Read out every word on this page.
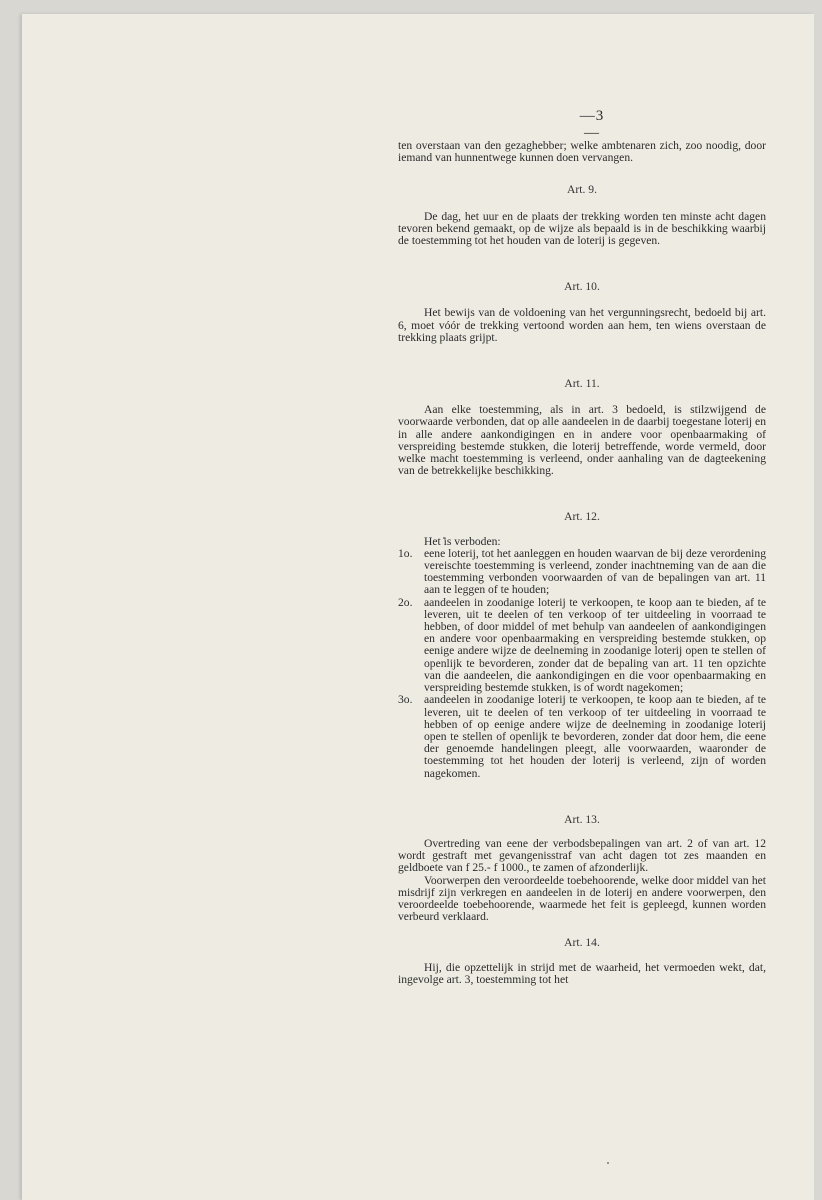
—3—

ten overstaan van den gezaghebber; welke ambtenaren zich, zoo noodig, door iemand van hunnentwege kunnen doen vervangen.

Art. 9.

De dag, het uur en de plaats der trekking worden ten minste acht dagen tevoren bekend gemaakt, op de wijze als bepaald is in de beschikking waarbij de toestemming tot het houden van de loterij is gegeven.

Art. 10.

Het bewijs van de voldoening van het vergunningsrecht, bedoeld bij art. 6, moet vóór de trekking vertoond worden aan hem, ten wiens overstaan de trekking plaats grijpt.

Art. 11.

Aan elke toestemming, als in art. 3 bedoeld, is stilzwijgend de voorwaarde verbonden, dat op alle aandeelen in de daarbij toegestane loterij en in alle andere aankondigingen en in andere voor openbaarmaking of verspreiding bestemde stukken, die loterij betreffende, worde vermeld, door welke macht toestemming is verleend, onder aanhaling van de dagteekening van de betrekkelijke beschikking.

Art. 12.

Het is verboden:

1o. eene loterij, tot het aanleggen en houden waarvan de bij deze verordening vereischte toestemming is verleend, zonder inachtneming van de aan die toestemming verbonden voorwaarden of van de bepalingen van art. 11 aan te leggen of te houden;
2o. aandeelen in zoodanige loterij te verkoopen, te koop aan te bieden, af te leveren, uit te deelen of ten verkoop of ter uitdeeling in voorraad te hebben, of door middel of met behulp van aandeelen of aankondigingen en andere voor openbaarmaking en verspreiding bestemde stukken, op eenige andere wijze de deelneming in zoodanige loterij open te stellen of openlijk te bevorderen, zonder dat de bepaling van art. 11 ten opzichte van die aandeelen, die aankondigingen en die voor openbaarmaking en verspreiding bestemde stukken, is of wordt nagekomen;
3o. aandeelen in zoodanige loterij te verkoopen, te koop aan te bieden, af te leveren, uit te deelen of ten verkoop of ter uitdeeling in voorraad te hebben of op eenige andere wijze de deelneming in zoodanige loterij open te stellen of openlijk te bevorderen, zonder dat door hem, die eene der genoemde handelingen pleegt, alle voorwaarden, waaronder de toestemming tot het houden der loterij is verleend, zijn of worden nagekomen.

Art. 13.

Overtreding van eene der verbodsbepalingen van art. 2 of van art. 12 wordt gestraft met gevangenisstraf van acht dagen tot zes maanden en geldboete van f 25.- f 1000., te zamen of afzonderlijk.

Voorwerpen den veroordeelde toebehoorende, welke door middel van het misdrijf zijn verkregen en aandeelen in de loterij en andere voorwerpen, den veroordeelde toebehoorende, waarmede het feit is gepleegd, kunnen worden verbeurd verklaard.

Art. 14.

Hij, die opzettelijk in strijd met de waarheid, het vermoeden wekt, dat, ingevolge art. 3, toestemming tot het
